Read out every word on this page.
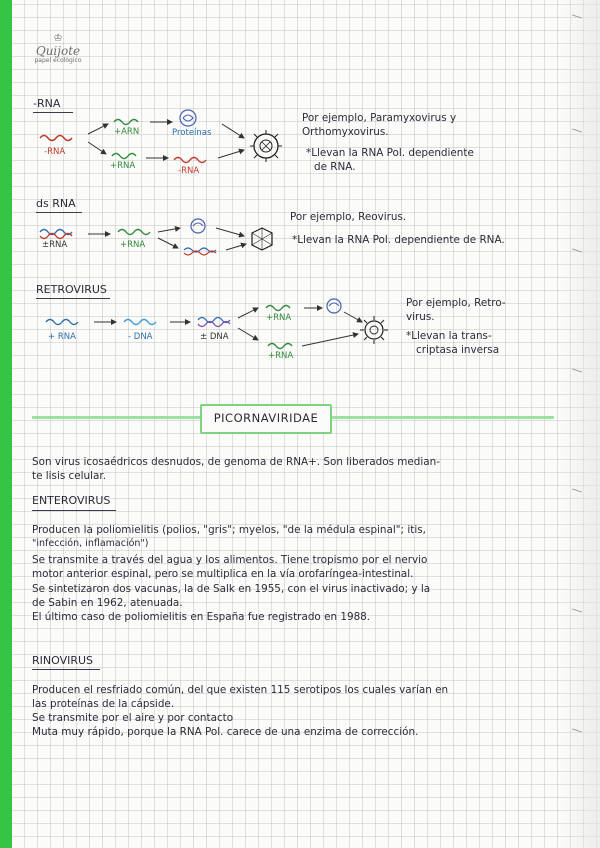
♔
Quijote
papel ecológico
-RNA
+ARN	Proteínas
-RNA
+RNA	-RNA
Por ejemplo, Paramyxovirus y
Orthomyxovirus.
*Llevan la RNA Pol. dependiente
de RNA.
ds RNA
±RNA	+RNA
Por ejemplo, Reovirus.
*Llevan la RNA Pol. dependiente de RNA.
RETROVIRUS
+ RNA	- DNA	± DNA
+RNA
+RNA
Por ejemplo, Retro-
virus.
*Llevan la trans-
criptasa inversa
PICORNAVIRIDAE
Son virus icosaédricos desnudos, de genoma de RNA+. Son liberados median-
te lisis celular.
ENTEROVIRUS
Producen la poliomielitis (polios, "gris"; myelos, "de la médula espinal"; itis,
"infección, inflamación")
Se transmite a través del agua y los alimentos. Tiene tropismo por el nervio
motor anterior espinal, pero se multiplica en la vía orofaríngea-intestinal.
Se sintetizaron dos vacunas, la de Salk en 1955, con el virus inactivado; y la
de Sabin en 1962, atenuada.
El último caso de poliomielitis en España fue registrado en 1988.
RINOVIRUS
Producen el resfriado común, del que existen 115 serotipos los cuales varían en
las proteínas de la cápside.
Se transmite por el aire y por contacto
Muta muy rápido, porque la RNA Pol. carece de una enzima de corrección.
